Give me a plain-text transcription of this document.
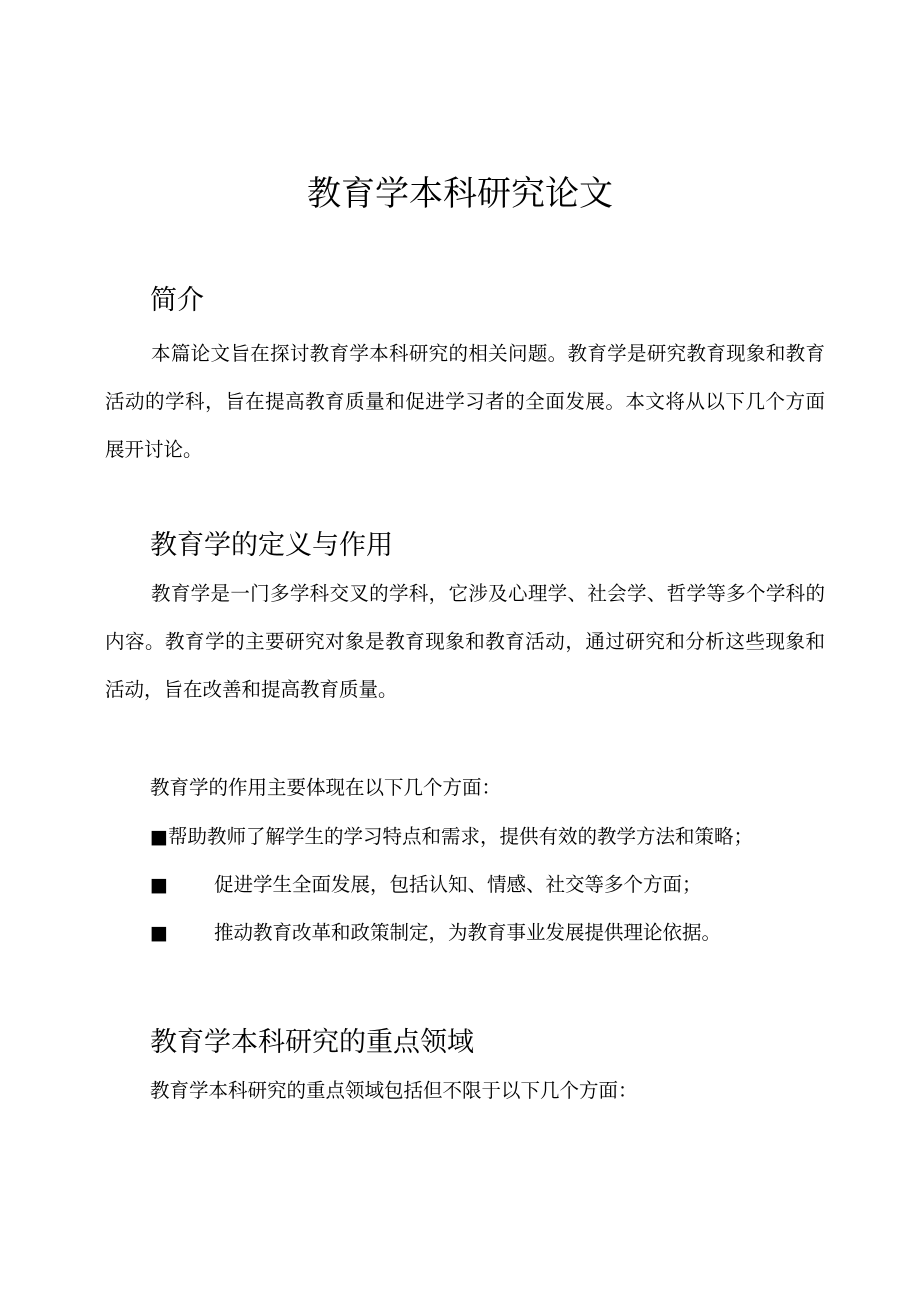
教育学本科研究论文
简介

本篇论文旨在探讨教育学本科研究的相关问题。教育学是研究教育现象和教育活动的学科，旨在提高教育质量和促进学习者的全面发展。本文将从以下几个方面展开讨论。

教育学的定义与作用

教育学是一门多学科交叉的学科，它涉及心理学、社会学、哲学等多个学科的内容。教育学的主要研究对象是教育现象和教育活动，通过研究和分析这些现象和活动，旨在改善和提高教育质量。

教育学的作用主要体现在以下几个方面：

■帮助教师了解学生的学习特点和需求，提供有效的教学方法和策略；
■ 促进学生全面发展，包括认知、情感、社交等多个方面；
■ 推动教育改革和政策制定，为教育事业发展提供理论依据。
教育学本科研究的重点领域

教育学本科研究的重点领域包括但不限于以下几个方面：
